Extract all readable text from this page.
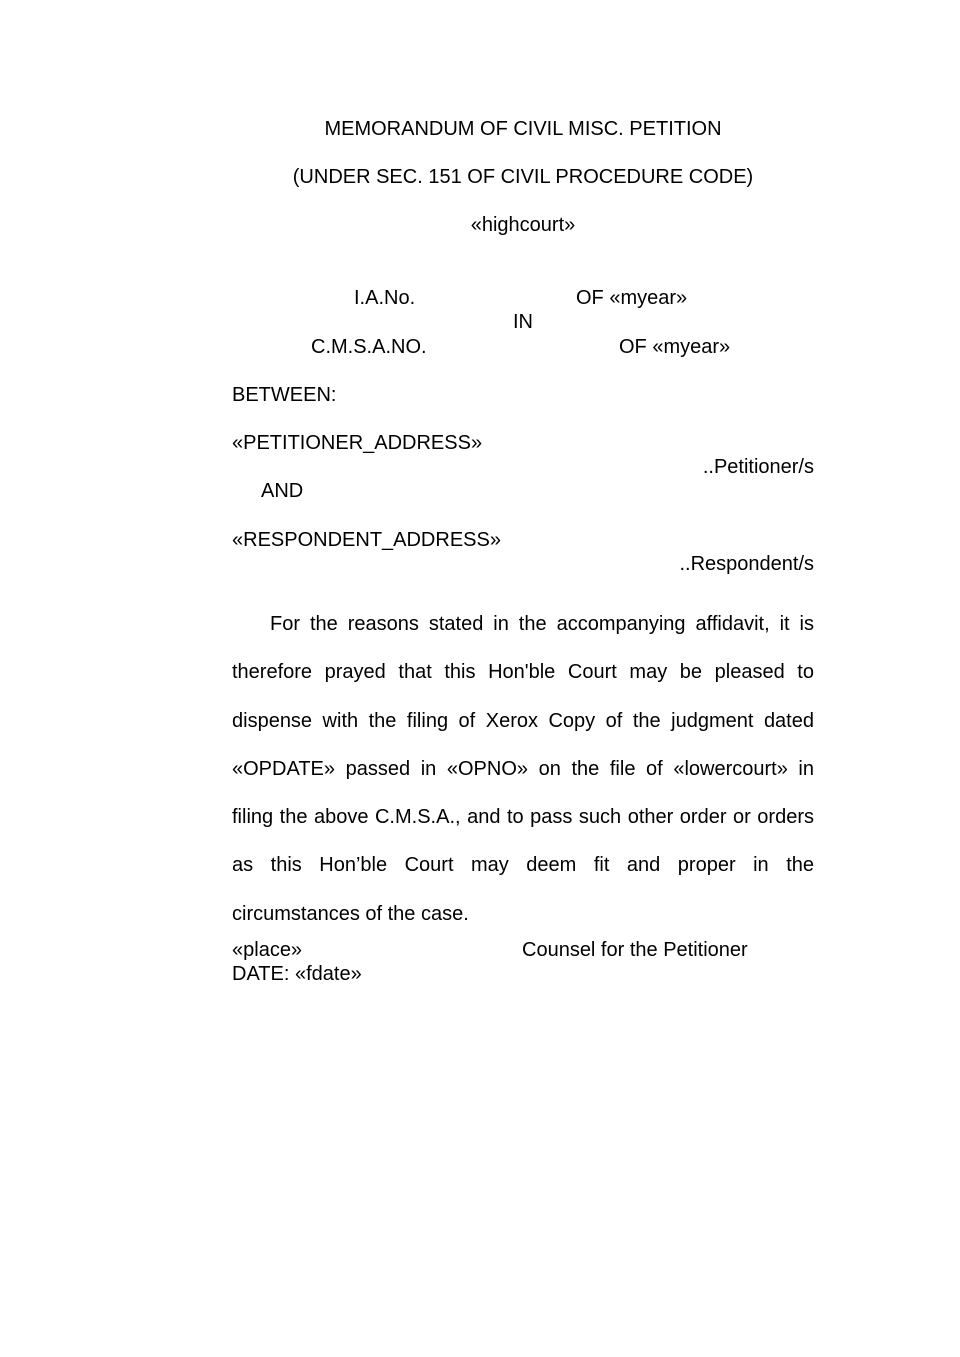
MEMORANDUM OF CIVIL MISC. PETITION
(UNDER SEC. 151 OF CIVIL PROCEDURE CODE)
«highcourt»
I.A.No.	OF «myear»
IN
C.M.S.A.NO.	OF «myear»
BETWEEN:
«PETITIONER_ADDRESS»
..Petitioner/s
AND
«RESPONDENT_ADDRESS»
..Respondent/s

For the reasons stated in the accompanying affidavit, it is therefore prayed that this Hon'ble Court may be pleased to dispense with the filing of Xerox Copy of the judgment dated «OPDATE» passed in «OPNO» on the file of «lowercourt» in filing the above C.M.S.A., and to pass such other order or orders as this Hon’ble Court may deem fit and proper in the circumstances of the case.

«place»	Counsel for the Petitioner
DATE: «fdate»
